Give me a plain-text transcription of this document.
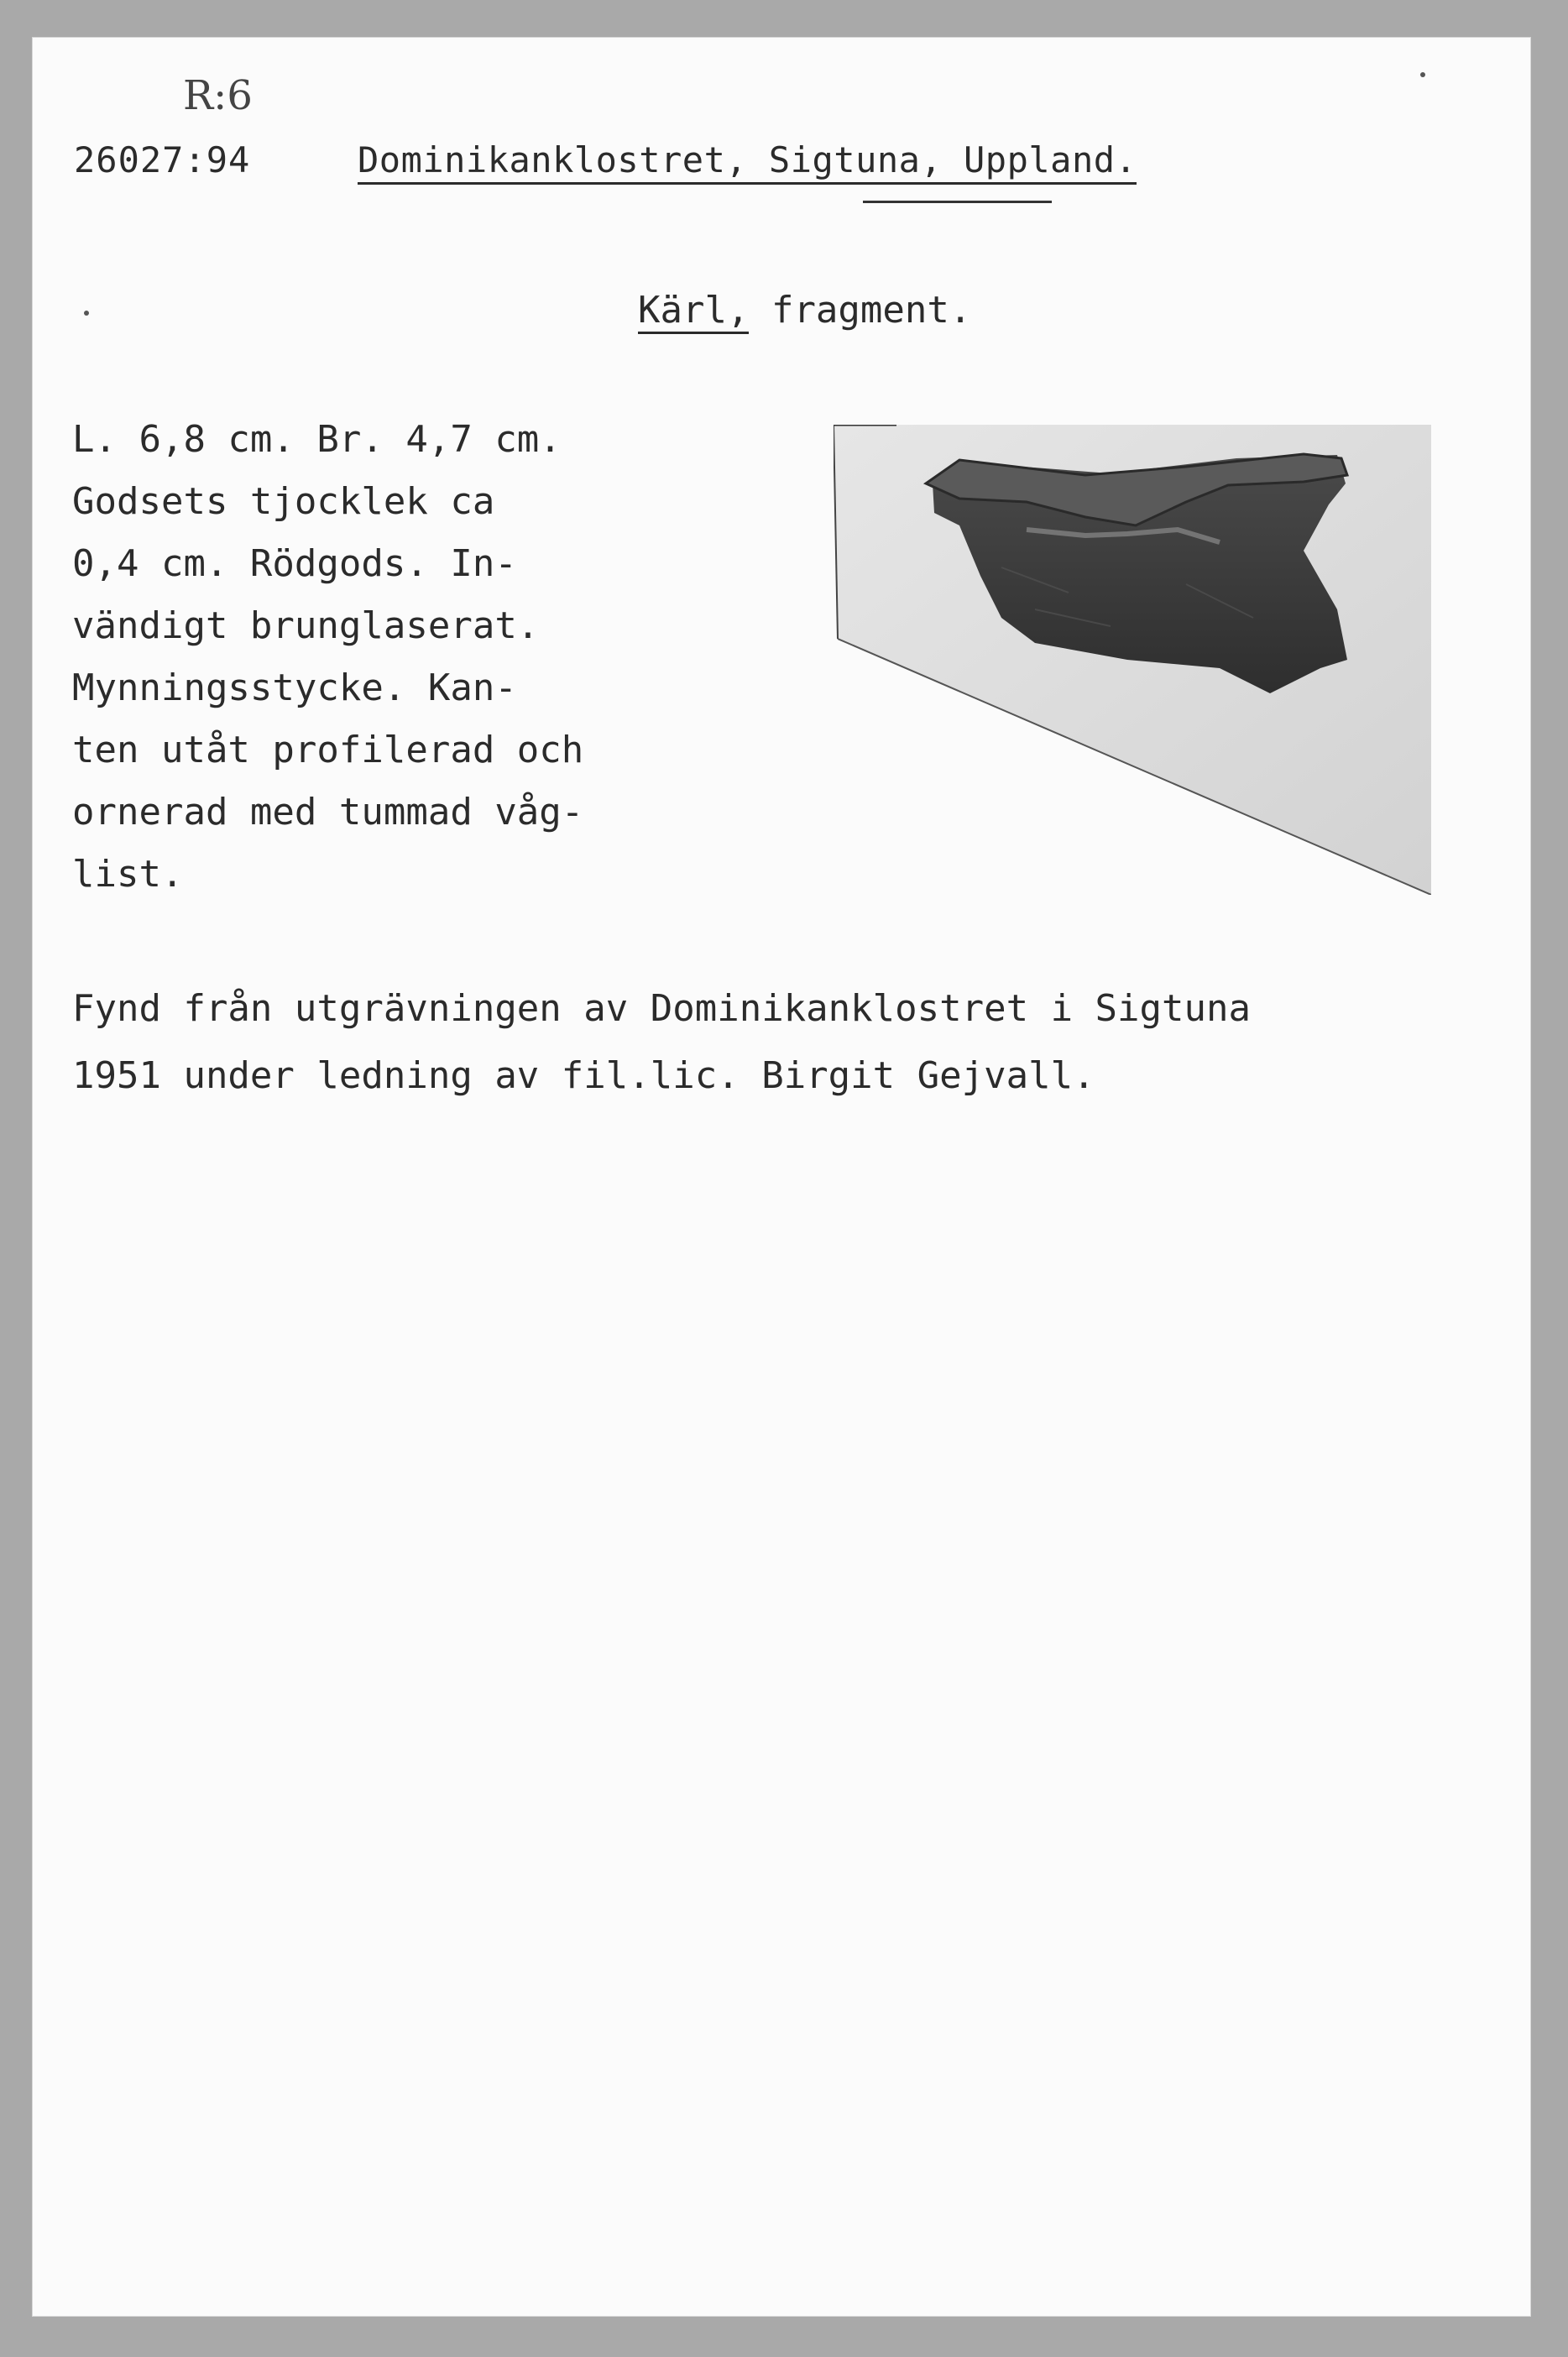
R:6
26027:94	Dominikanklostret, Sigtuna, Uppland.
Kärl, fragment.
L. 6,8 cm. Br. 4,7 cm.
Godsets tjocklek ca
0,4 cm. Rödgods. In-
vändigt brunglaserat.
Mynningsstycke. Kan-
ten utåt profilerad och
ornerad med tummad våg-
list.
Fynd från utgrävningen av Dominikanklostret i Sigtuna
1951 under ledning av fil.lic. Birgit Gejvall.
